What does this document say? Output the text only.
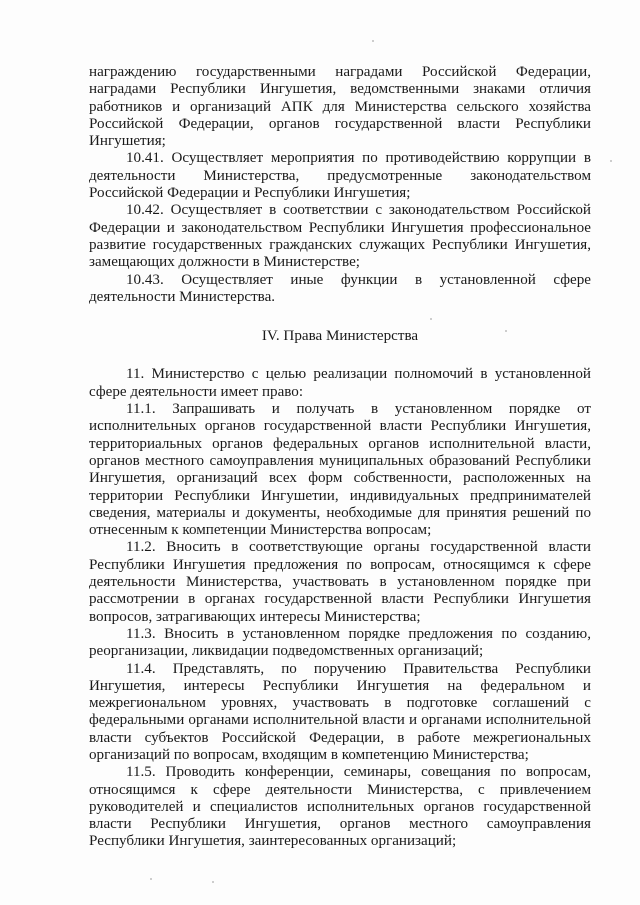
награждению государственными наградами Российской Федерации, наградами Республики Ингушетия, ведомственными знаками отличия работников и организаций АПК для Министерства сельского хозяйства Российской Федерации, органов государственной власти Республики Ингушетия;

10.41. Осуществляет мероприятия по противодействию коррупции в деятельности Министерства, предусмотренные законодательством Российской Федерации и Республики Ингушетия;

10.42. Осуществляет в соответствии с законодательством Российской Федерации и законодательством Республики Ингушетия профессиональное развитие государственных гражданских служащих Республики Ингушетия, замещающих должности в Министерстве;

10.43. Осуществляет иные функции в установленной сфере деятельности Министерства.

IV. Права Министерства

11. Министерство с целью реализации полномочий в установленной сфере деятельности имеет право:

11.1. Запрашивать и получать в установленном порядке от исполнительных органов государственной власти Республики Ингушетия, территориальных органов федеральных органов исполнительной власти, органов местного самоуправления муниципальных образований Республики Ингушетия, организаций всех форм собственности, расположенных на территории Республики Ингушетии, индивидуальных предпринимателей сведения, материалы и документы, необходимые для принятия решений по отнесенным к компетенции Министерства вопросам;

11.2. Вносить в соответствующие органы государственной власти Республики Ингушетия предложения по вопросам, относящимся к сфере деятельности Министерства, участвовать в установленном порядке при рассмотрении в органах государственной власти Республики Ингушетия вопросов, затрагивающих интересы Министерства;

11.3. Вносить в установленном порядке предложения по созданию, реорганизации, ликвидации подведомственных организаций;

11.4. Представлять, по поручению Правительства Республики Ингушетия, интересы Республики Ингушетия на федеральном и межрегиональном уровнях, участвовать в подготовке соглашений с федеральными органами исполнительной власти и органами исполнительной власти субъектов Российской Федерации, в работе межрегиональных организаций по вопросам, входящим в компетенцию Министерства;

11.5. Проводить конференции, семинары, совещания по вопросам, относящимся к сфере деятельности Министерства, с привлечением руководителей и специалистов исполнительных органов государственной власти Республики Ингушетия, органов местного самоуправления Республики Ингушетия, заинтересованных организаций;
